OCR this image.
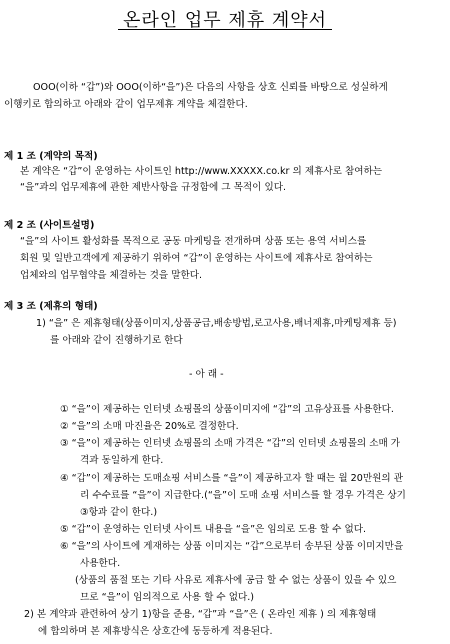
온라인 업무 제휴 계약서
OOO(이하 “갑”)와 OOO(이하“을”)은 다음의 사항을 상호 신뢰를 바탕으로 성실하게
이행키로 합의하고 아래와 같이 업무제휴 계약을 체결한다.
제 1 조 (계약의 목적)
본 계약은 “갑”이 운영하는 사이트인 http://www.XXXXX.co.kr 의 제휴사로 참여하는
“을”과의 업무제휴에 관한 제반사항을 규정함에 그 목적이 있다.
제 2 조 (사이트설명)
“을”의 사이트 활성화를 목적으로 공동 마케팅을 전개하며 상품 또는 용역 서비스를
회원 및 일반고객에게 제공하기 위하여 “갑”이 운영하는 사이트에 제휴사로 참여하는
업체와의 업무협약을 체결하는 것을 말한다.
제 3 조 (제휴의 형태)
1) “을” 은 제휴형태(상품이미지,상품공급,배송방법,로고사용,배너제휴,마케팅제휴 등)
를 아래와 같이 진행하기로 한다
- 아 래 -
① “을”이 제공하는 인터넷 쇼핑몰의 상품이미지에 “갑”의 고유상표를 사용한다.
② “을”의 소매 마진율은 20%로 결정한다.
③ “을”이 제공하는 인터넷 쇼핑몰의 소매 가격은 “갑”의 인터넷 쇼핑몰의 소매 가
격과 동일하게 한다.
④ “갑”이 제공하는 도매쇼핑 서비스를 “을”이 제공하고자 할 때는 월 20만원의 관
리 수수료를 “을”이 지급한다.(“을”이 도매 쇼핑 서비스를 할 경우 가격은 상기
③항과 같이 한다.)
⑤ “갑”이 운영하는 인터넷 사이트 내용을 “을”은 임의로 도용 할 수 없다.
⑥ “을”의 사이트에 게재하는 상품 이미지는 “갑”으로부터 송부된 상품 이미지만을
사용한다.
(상품의 품절 또는 기타 사유로 제휴사에 공급 할 수 없는 상품이 있을 수 있으
므로 “을”이 임의적으로 사용 할 수 없다.)
2) 본 계약과 관련하여 상기 1)항을 준용, “갑”과 “을”은 ( 온라인 제휴 ) 의 제휴형태
에 합의하며 본 제휴방식은 상호간에 동등하게 적용된다.
